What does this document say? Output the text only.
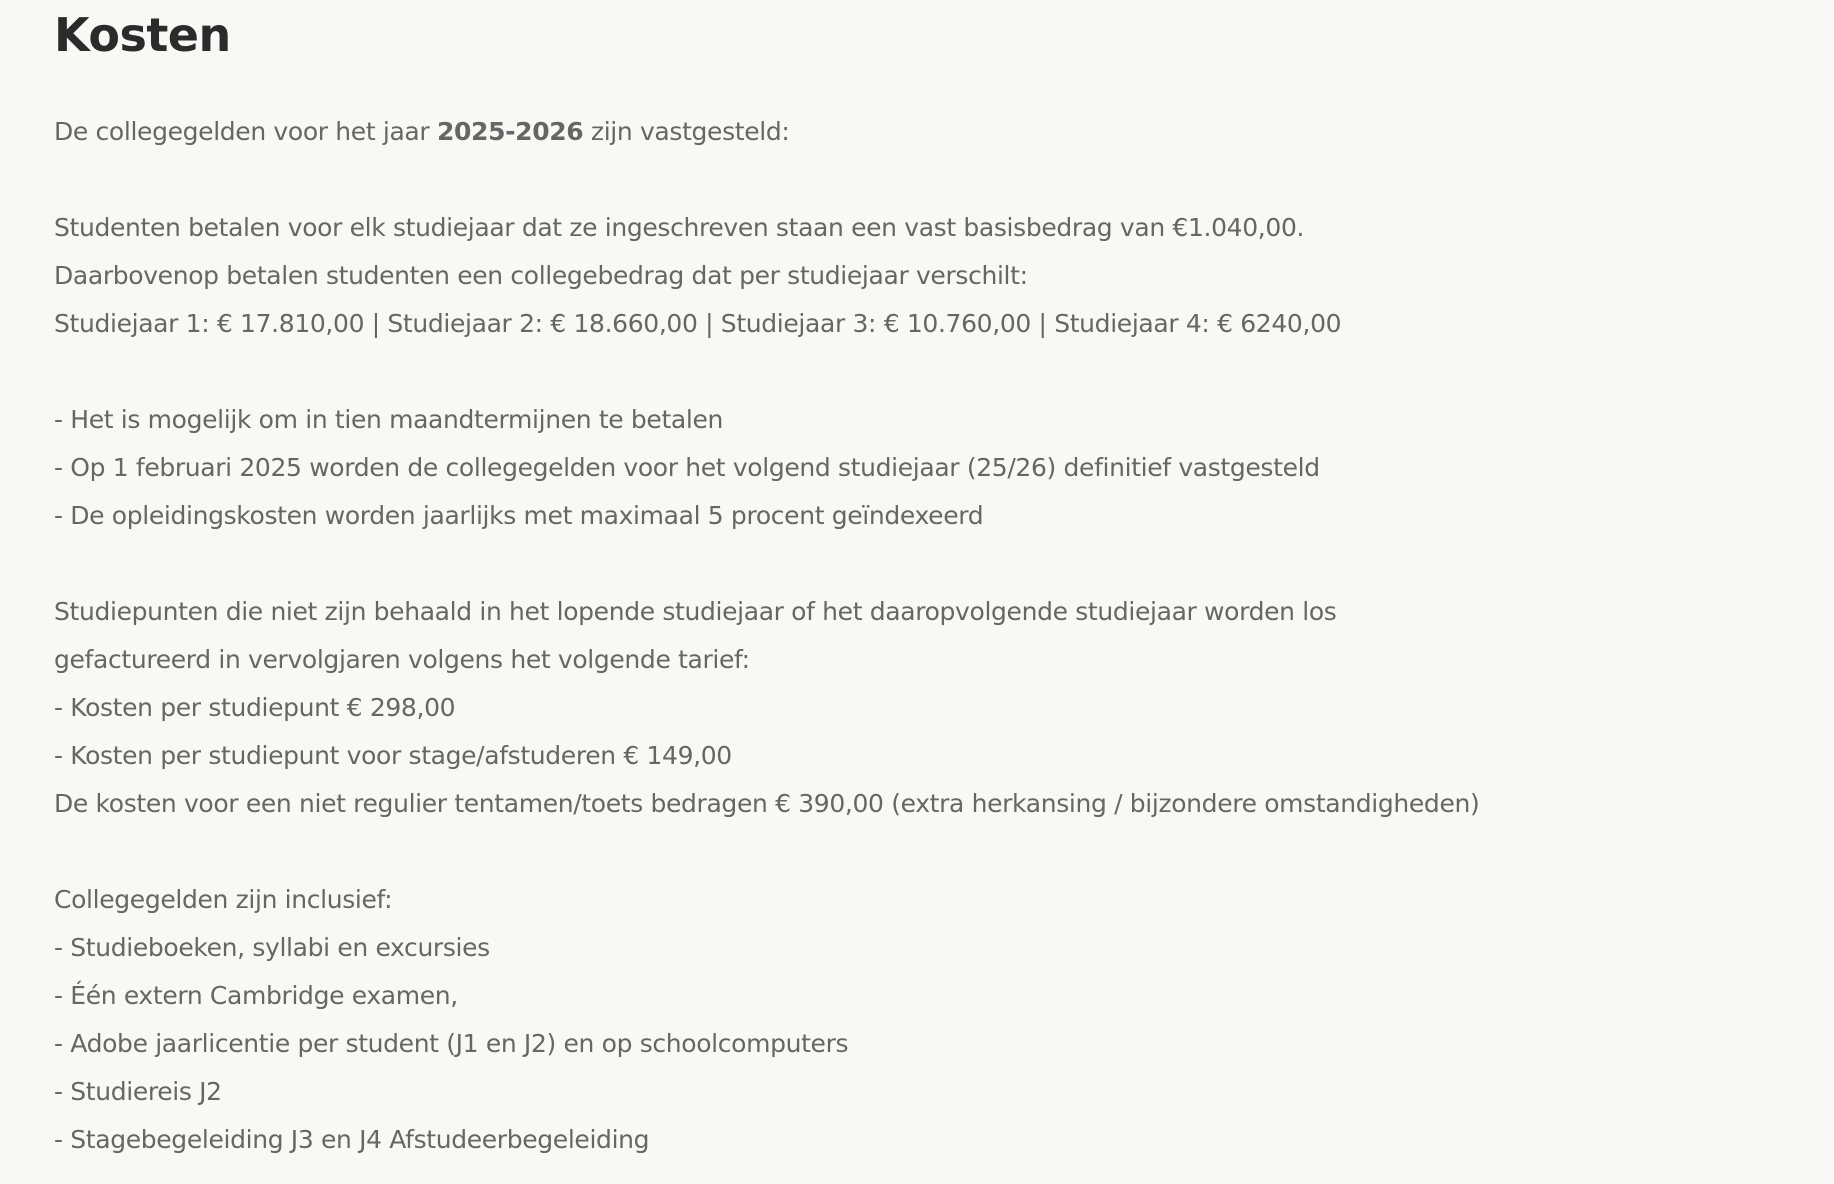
Kosten
De collegegelden voor het jaar 2025-2026 zijn vastgesteld:
Studenten betalen voor elk studiejaar dat ze ingeschreven staan een vast basisbedrag van €1.040,00.
Daarbovenop betalen studenten een collegebedrag dat per studiejaar verschilt:
Studiejaar 1: € 17.810,00 | Studiejaar 2: € 18.660,00 | Studiejaar 3: € 10.760,00 | Studiejaar 4: € 6240,00
- Het is mogelijk om in tien maandtermijnen te betalen
- Op 1 februari 2025 worden de collegegelden voor het volgend studiejaar (25/26) definitief vastgesteld
- De opleidingskosten worden jaarlijks met maximaal 5 procent geïndexeerd
Studiepunten die niet zijn behaald in het lopende studiejaar of het daaropvolgende studiejaar worden los
gefactureerd in vervolgjaren volgens het volgende tarief:
- Kosten per studiepunt € 298,00
- Kosten per studiepunt voor stage/afstuderen € 149,00
De kosten voor een niet regulier tentamen/toets bedragen € 390,00 (extra herkansing / bijzondere omstandigheden)
Collegegelden zijn inclusief:
- Studieboeken, syllabi en excursies
- Één extern Cambridge examen,
- Adobe jaarlicentie per student (J1 en J2) en op schoolcomputers
- Studiereis J2
- Stagebegeleiding J3 en J4 Afstudeerbegeleiding
